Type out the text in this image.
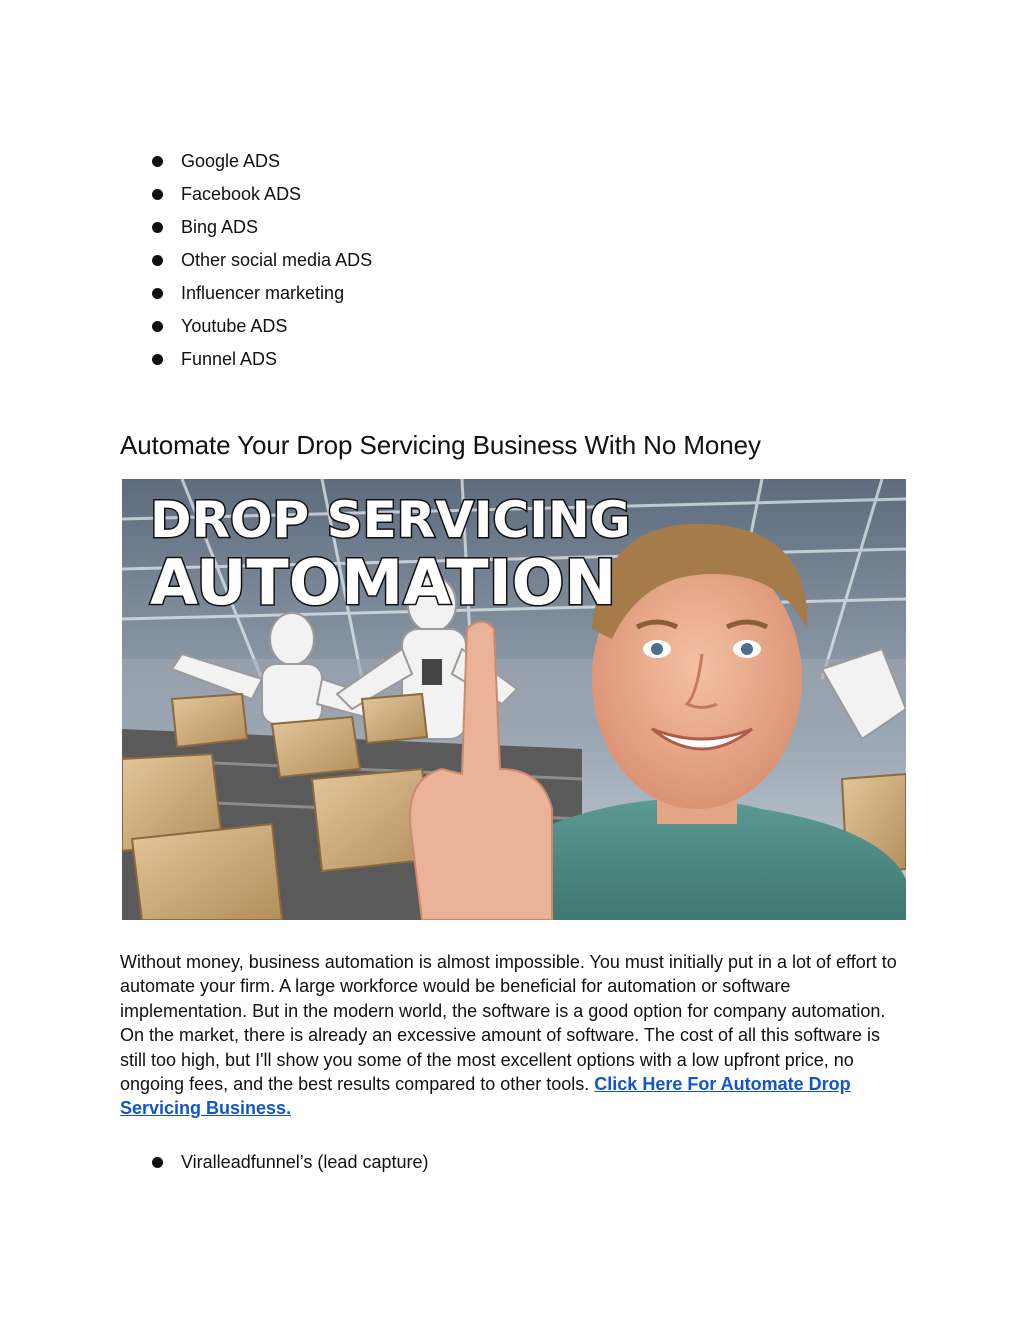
Google ADS
Facebook ADS
Bing ADS
Other social media ADS
Influencer marketing
Youtube ADS
Funnel ADS
Automate Your Drop Servicing Business With No Money
DROP SERVICING
AUTOMATION

Without money, business automation is almost impossible. You must initially put in a lot of effort to automate your firm. A large workforce would be beneficial for automation or software implementation. But in the modern world, the software is a good option for company automation. On the market, there is already an excessive amount of software. The cost of all this software is still too high, but I'll show you some of the most excellent options with a low upfront price, no ongoing fees, and the best results compared to other tools. Click Here For Automate Drop Servicing Business.

Viralleadfunnel’s (lead capture)
